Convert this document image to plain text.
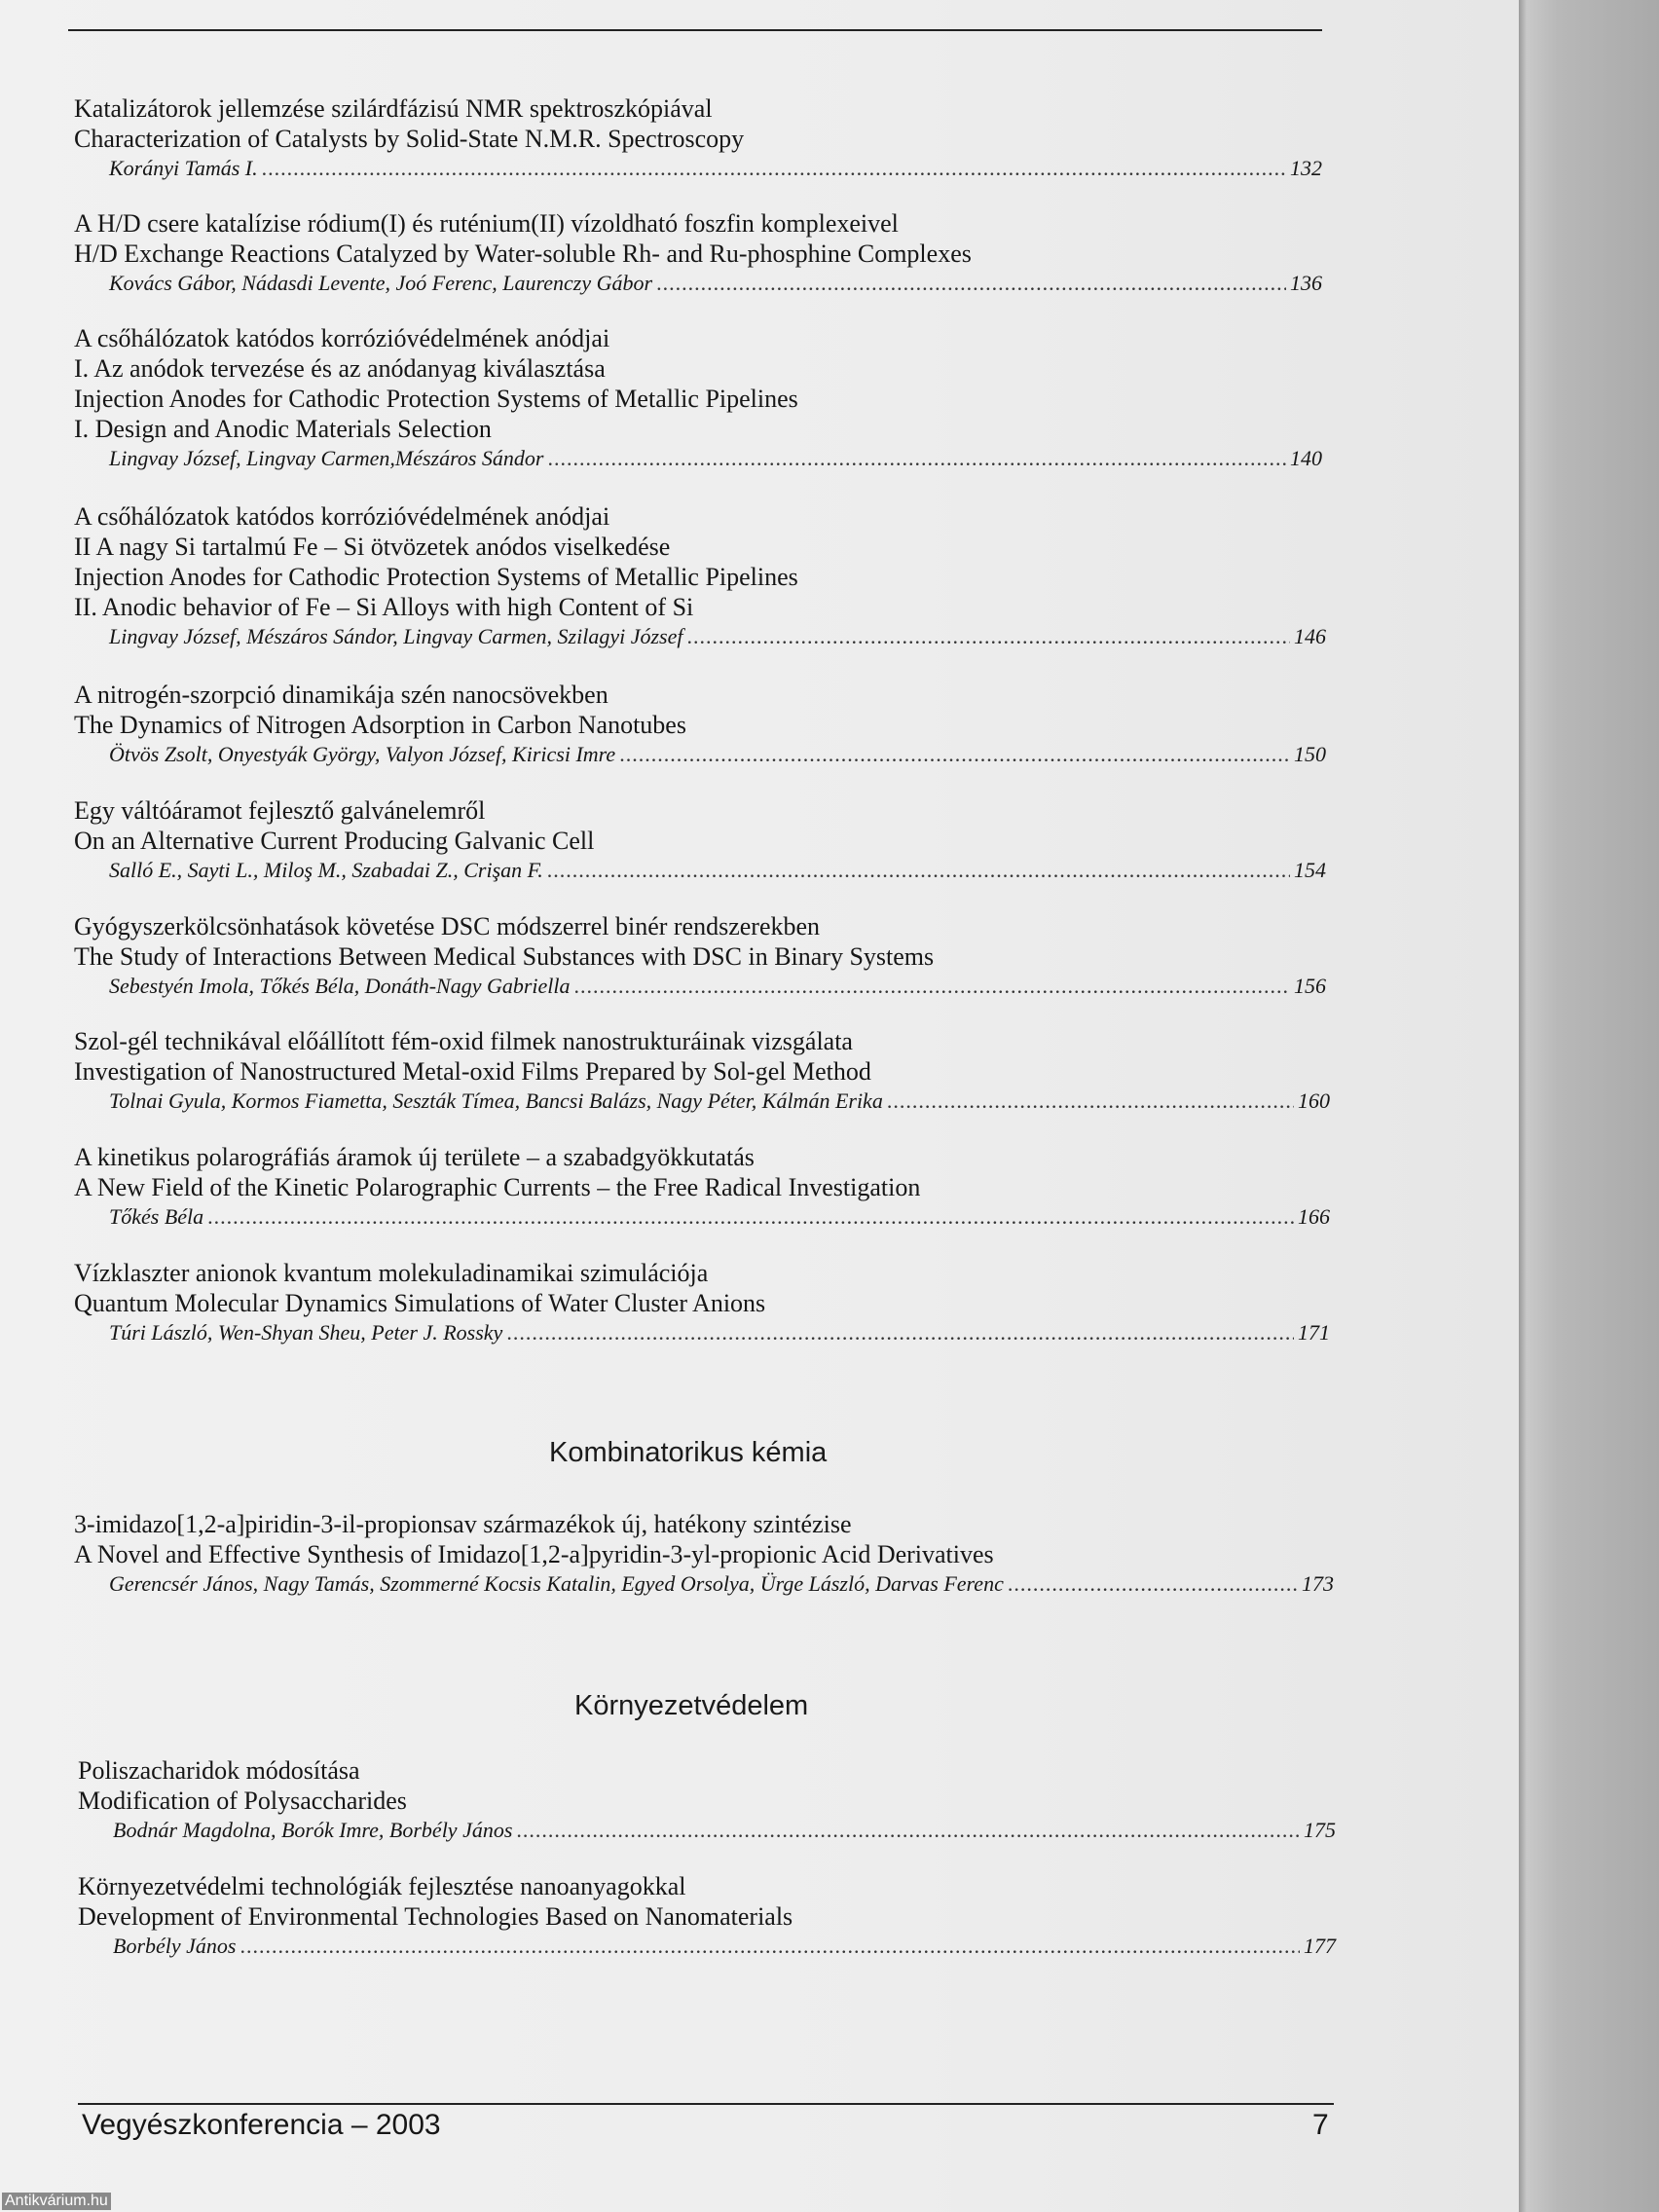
Katalizátorok jellemzése szilárdfázisú NMR spektroszkópiával
Characterization of Catalysts by Solid-State N.M.R. Spectroscopy
Korányi Tamás I. .....	132
A H/D csere katalízise ródium(I) és ruténium(II) vízoldható foszfin komplexeivel
H/D Exchange Reactions Catalyzed by Water-soluble Rh- and Ru-phosphine Complexes
Kovács Gábor, Nádasdi Levente, Joó Ferenc, Laurenczy Gábor .....	136
A csőhálózatok katódos korrózióvédelmének anódjai
I. Az anódok tervezése és az anódanyag kiválasztása
Injection Anodes for Cathodic Protection Systems of Metallic Pipelines
I. Design and Anodic Materials Selection
Lingvay József, Lingvay Carmen,Mészáros Sándor .....	140
A csőhálózatok katódos korrózióvédelmének anódjai
II A nagy Si tartalmú Fe – Si ötvözetek anódos viselkedése
Injection Anodes for Cathodic Protection Systems of Metallic Pipelines
II. Anodic behavior of Fe – Si Alloys with high Content of Si
Lingvay József, Mészáros Sándor, Lingvay Carmen, Szilagyi József .....	146
A nitrogén-szorpció dinamikája szén nanocsövekben
The Dynamics of Nitrogen Adsorption in Carbon Nanotubes
Ötvös Zsolt, Onyestyák György, Valyon József, Kiricsi Imre .....	150
Egy váltóáramot fejlesztő galvánelemről
On an Alternative Current Producing Galvanic Cell
Salló E., Sayti L., Miloş M., Szabadai Z., Crişan F. .....	154
Gyógyszerkölcsönhatások követése DSC módszerrel binér rendszerekben
The Study of Interactions Between Medical Substances with DSC in Binary Systems
Sebestyén Imola, Tőkés Béla, Donáth-Nagy Gabriella .....	156
Szol-gél technikával előállított fém-oxid filmek nanostrukturáinak vizsgálata
Investigation of Nanostructured Metal-oxid Films Prepared by Sol-gel Method
Tolnai Gyula, Kormos Fiametta, Seszták Tímea, Bancsi Balázs, Nagy Péter, Kálmán Erika .....	160
A kinetikus polarográfiás áramok új területe – a szabadgyökkutatás
A New Field of the Kinetic Polarographic Currents – the Free Radical Investigation
Tőkés Béla .....	166
Vízklaszter anionok kvantum molekuladinamikai szimulációja
Quantum Molecular Dynamics Simulations of Water Cluster Anions
Túri László, Wen-Shyan Sheu, Peter J. Rossky .....	171
3-imidazo[1,2-a]piridin-3-il-propionsav származékok új, hatékony szintézise
A Novel and Effective Synthesis of Imidazo[1,2-a]pyridin-3-yl-propionic Acid Derivatives
Gerencsér János, Nagy Tamás, Szommerné Kocsis Katalin, Egyed Orsolya, Ürge László, Darvas Ferenc .....	173
Poliszacharidok módosítása
Modification of Polysaccharides
Bodnár Magdolna, Borók Imre, Borbély János .....	175
Környezetvédelmi technológiák fejlesztése nanoanyagokkal
Development of Environmental Technologies Based on Nanomaterials
Borbély János .....	177
Kombinatorikus kémia
Környezetvédelem
Vegyészkonferencia – 2003	7
Antikvárium.hu
